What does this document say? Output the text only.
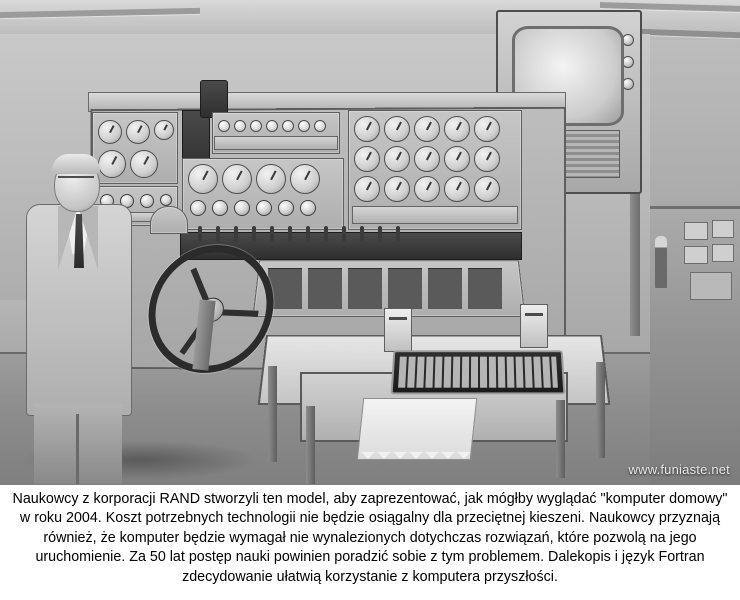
www.funiaste.net

Naukowcy z korporacji RAND stworzyli ten model, aby zaprezentować, jak mógłby wyglądać "komputer domowy" w roku 2004. Koszt potrzebnych technologii nie będzie osiągalny dla przeciętnej kieszeni. Naukowcy przyznają również, że komputer będzie wymagał nie wynalezionych dotychczas rozwiązań, które pozwolą na jego uruchomienie. Za 50 lat postęp nauki powinien poradzić sobie z tym problemem. Dalekopis i język Fortran zdecydowanie ułatwią korzystanie z komputera przyszłości.
